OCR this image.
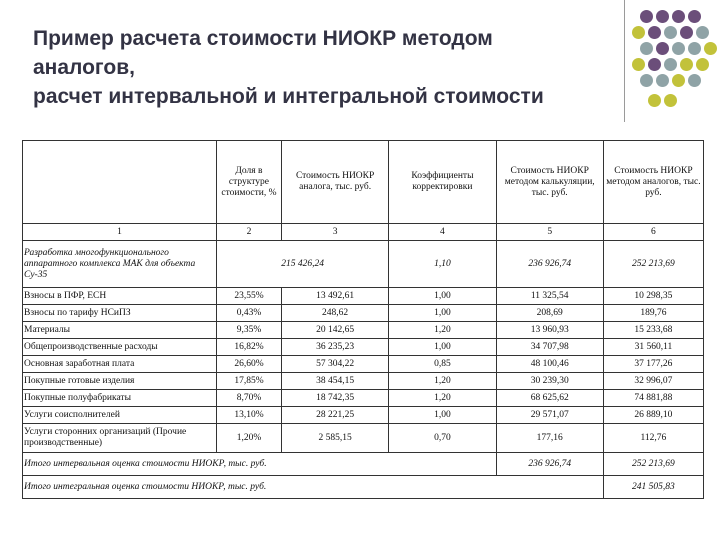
Пример расчета стоимости НИОКР методом
аналогов,
расчет интервальной и интегральной стоимости
	Доля в структуре стоимости, %	Стоимость НИОКР аналога, тыс. руб.	Коэффициенты корректировки	Стоимость НИОКР методом калькуляции, тыс. руб.	Стоимость НИОКР методом аналогов, тыс. руб.
1	2	3	4	5	6
Разработка многофункционального аппаратного комплекса МАК для объекта Су-35	215 426,24		1,10	236 926,74	252 213,69
Взносы в ПФР, ЕСН	23,55%	13 492,61	1,00	11 325,54	10 298,35
Взносы по тарифу НСиПЗ	0,43%	248,62	1,00	208,69	189,76
Материалы	9,35%	20 142,65	1,20	13 960,93	15 233,68
Общепроизводственные расходы	16,82%	36 235,23	1,00	34 707,98	31 560,11
Основная заработная плата	26,60%	57 304,22	0,85	48 100,46	37 177,26
Покупные готовые изделия	17,85%	38 454,15	1,20	30 239,30	32 996,07
Покупные полуфабрикаты	8,70%	18 742,35	1,20	68 625,62	74 881,88
Услуги соисполнителей	13,10%	28 221,25	1,00	29 571,07	26 889,10
Услуги сторонних организаций (Прочие производственные)	1,20%	2 585,15	0,70	177,16	112,76
Итого интервальная оценка стоимости НИОКР, тыс. руб.				236 926,74	252 213,69
Итого интегральная оценка стоимости НИОКР, тыс. руб.					241 505,83
